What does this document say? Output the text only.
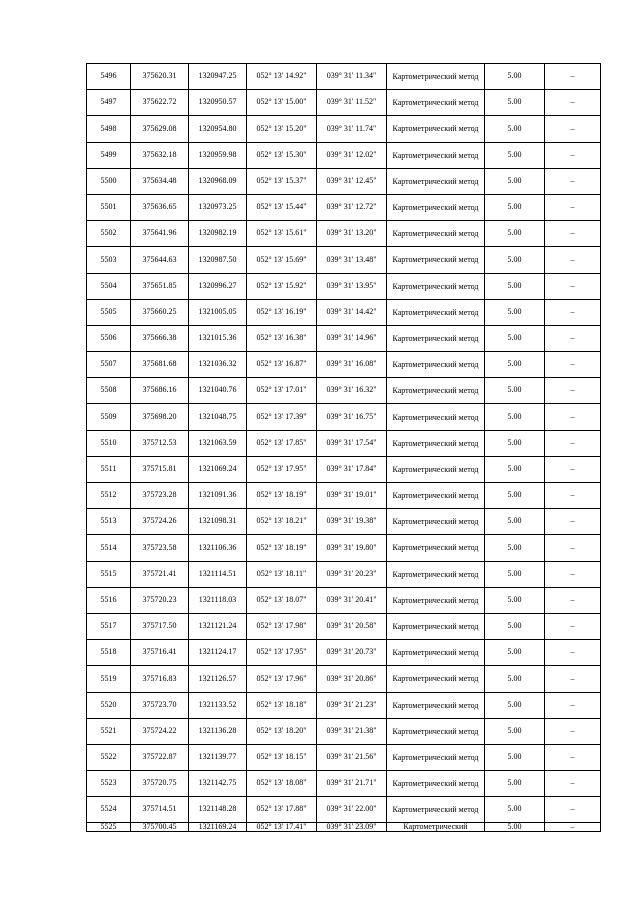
5496	375620.31	1320947.25	052° 13' 14.92"	039° 31' 11.34"	Картометрический метод	5.00	–
5497	375622.72	1320950.57	052° 13' 15.00"	039° 31' 11.52"	Картометрический метод	5.00	–
5498	375629.08	1320954.80	052° 13' 15.20"	039° 31' 11.74"	Картометрический метод	5.00	–
5499	375632.18	1320959.98	052° 13' 15.30"	039° 31' 12.02"	Картометрический метод	5.00	–
5500	375634.48	1320968.09	052° 13' 15.37"	039° 31' 12.45"	Картометрический метод	5.00	–
5501	375636.65	1320973.25	052° 13' 15.44"	039° 31' 12.72"	Картометрический метод	5.00	–
5502	375641.96	1320982.19	052° 13' 15.61"	039° 31' 13.20"	Картометрический метод	5.00	–
5503	375644.63	1320987.50	052° 13' 15.69"	039° 31' 13.48"	Картометрический метод	5.00	–
5504	375651.85	1320996.27	052° 13' 15.92"	039° 31' 13.95"	Картометрический метод	5.00	–
5505	375660.25	1321005.05	052° 13' 16.19"	039° 31' 14.42"	Картометрический метод	5.00	–
5506	375666.38	1321015.36	052° 13' 16.38"	039° 31' 14.96"	Картометрический метод	5.00	–
5507	375681.68	1321036.32	052° 13' 16.87"	039° 31' 16.08"	Картометрический метод	5.00	–
5508	375686.16	1321040.76	052° 13' 17.01"	039° 31' 16.32"	Картометрический метод	5.00	–
5509	375698.20	1321048.75	052° 13' 17.39"	039° 31' 16.75"	Картометрический метод	5.00	–
5510	375712.53	1321063.59	052° 13' 17.85"	039° 31' 17.54"	Картометрический метод	5.00	–
5511	375715.81	1321069.24	052° 13' 17.95"	039° 31' 17.84"	Картометрический метод	5.00	–
5512	375723.28	1321091.36	052° 13' 18.19"	039° 31' 19.01"	Картометрический метод	5.00	–
5513	375724.26	1321098.31	052° 13' 18.21"	039° 31' 19.38"	Картометрический метод	5.00	–
5514	375723.58	1321106.36	052° 13' 18.19"	039° 31' 19.80"	Картометрический метод	5.00	–
5515	375721.41	1321114.51	052° 13' 18.11"	039° 31' 20.23"	Картометрический метод	5.00	–
5516	375720.23	1321118.03	052° 13' 18.07"	039° 31' 20.41"	Картометрический метод	5.00	–
5517	375717.50	1321121.24	052° 13' 17.98"	039° 31' 20.58"	Картометрический метод	5.00	–
5518	375716.41	1321124.17	052° 13' 17.95"	039° 31' 20.73"	Картометрический метод	5.00	–
5519	375716.83	1321126.57	052° 13' 17.96"	039° 31' 20.86"	Картометрический метод	5.00	–
5520	375723.70	1321133.52	052° 13' 18.18"	039° 31' 21.23"	Картометрический метод	5.00	–
5521	375724.22	1321136.28	052° 13' 18.20"	039° 31' 21.38"	Картометрический метод	5.00	–
5522	375722.87	1321139.77	052° 13' 18.15"	039° 31' 21.56"	Картометрический метод	5.00	–
5523	375720.75	1321142.75	052° 13' 18.08"	039° 31' 21.71"	Картометрический метод	5.00	–
5524	375714.51	1321148.28	052° 13' 17.88"	039° 31' 22.00"	Картометрический метод	5.00	–
5525	375700.45	1321169.24	052° 13' 17.41"	039° 31' 23.09"	Картометрический	5.00	–
